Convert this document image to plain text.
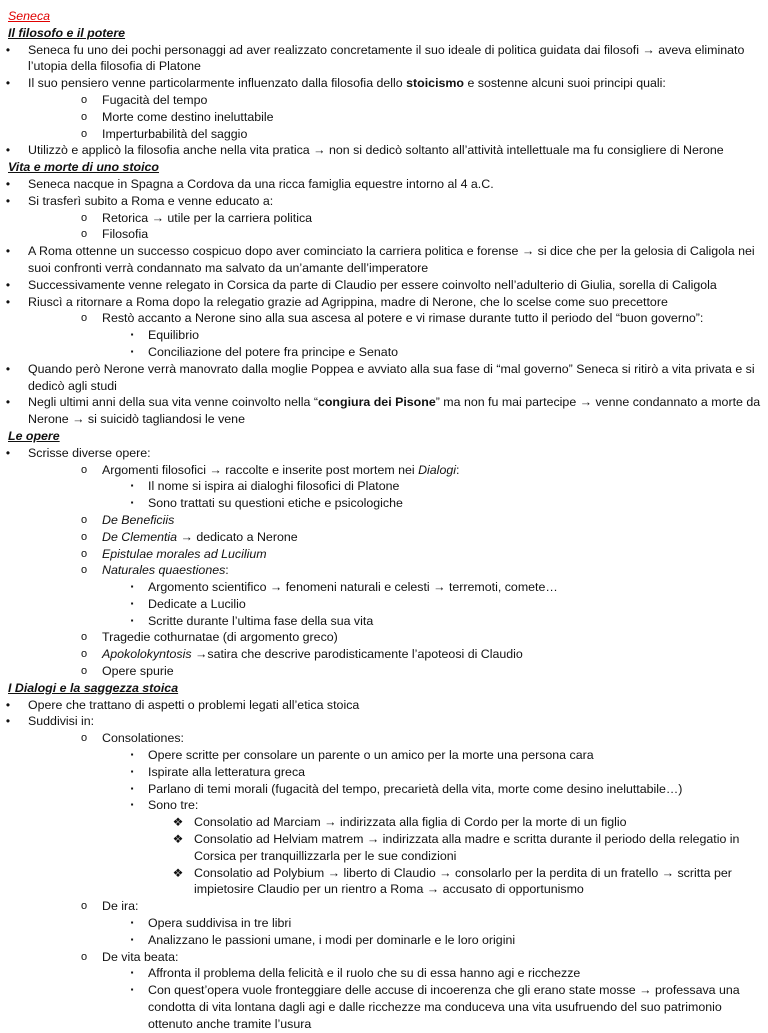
Seneca
Il filosofo e il potere
•	Seneca fu uno dei pochi personaggi ad aver realizzato concretamente il suo ideale di politica guidata dai filosofi → aveva eliminato l’utopia della filosofia di Platone
•	Il suo pensiero venne particolarmente influenzato dalla filosofia dello stoicismo e sostenne alcuni suoi principi quali:
o Fugacità del tempo
o Morte come destino ineluttabile
o Imperturbabilità del saggio
•	Utilizzò e applicò la filosofia anche nella vita pratica → non si dedicò soltanto all’attività intellettuale ma fu consigliere di Nerone
Vita e morte di uno stoico
•	Seneca nacque in Spagna a Cordova da una ricca famiglia equestre intorno al 4 a.C.
•	Si trasferì subito a Roma e venne educato a:
o Retorica → utile per la carriera politica
o Filosofia
•	A Roma ottenne un successo cospicuo dopo aver cominciato la carriera politica e forense → si dice che per la gelosia di Caligola nei suoi confronti verrà condannato ma salvato da un’amante dell’imperatore
•	Successivamente venne relegato in Corsica da parte di Claudio per essere coinvolto nell’adulterio di Giulia, sorella di Caligola
•	Riuscì a ritornare a Roma dopo la relegatio grazie ad Agrippina, madre di Nerone, che lo scelse come suo precettore
o Restò accanto a Nerone sino alla sua ascesa al potere e vi rimase durante tutto il periodo del “buon governo”:
▪	Equilibrio
▪	Conciliazione del potere fra principe e Senato
•	Quando però Nerone verrà manovrato dalla moglie Poppea e avviato alla sua fase di “mal governo” Seneca si ritirò a vita privata e si dedicò agli studi
•	Negli ultimi anni della sua vita venne coinvolto nella “congiura dei Pisone” ma non fu mai partecipe → venne condannato a morte da Nerone → si suicidò tagliandosi le vene
Le opere
•	Scrisse diverse opere:
o Argomenti filosofici → raccolte e inserite post mortem nei Dialogi:
▪	Il nome si ispira ai dialoghi filosofici di Platone
▪	Sono trattati su questioni etiche e psicologiche
o De Beneficiis
o De Clementia → dedicato a Nerone
o Epistulae morales ad Lucilium
o Naturales quaestiones:
▪	Argomento scientifico → fenomeni naturali e celesti → terremoti, comete…
▪	Dedicate a Lucilio
▪	Scritte durante l’ultima fase della sua vita
o Tragedie cothurnatae (di argomento greco)
o Apokolokyntosis →satira che descrive parodisticamente l’apoteosi di Claudio
o Opere spurie
I Dialogi e la saggezza stoica
•	Opere che trattano di aspetti o problemi legati all’etica stoica
•	Suddivisi in:
o Consolationes:
▪	Opere scritte per consolare un parente o un amico per la morte una persona cara
▪	Ispirate alla letteratura greca
▪	Parlano di temi morali (fugacità del tempo, precarietà della vita, morte come desino ineluttabile…)
▪	Sono tre:
❖ Consolatio ad Marciam → indirizzata alla figlia di Cordo per la morte di un figlio
❖ Consolatio ad Helviam matrem → indirizzata alla madre e scritta durante il periodo della relegatio in Corsica per tranquillizzarla per le sue condizioni
❖ Consolatio ad Polybium → liberto di Claudio → consolarlo per la perdita di un fratello → scritta per impietosire Claudio per un rientro a Roma → accusato di opportunismo
o De ira:
▪	Opera suddivisa in tre libri
▪	Analizzano le passioni umane, i modi per dominarle e le loro origini
o De vita beata:
▪	Affronta il problema della felicità e il ruolo che su di essa hanno agi e ricchezze
▪	Con quest’opera vuole fronteggiare delle accuse di incoerenza che gli erano state mosse → professava una condotta di vita lontana dagli agi e dalle ricchezze ma conduceva una vita usufruendo del suo patrimonio ottenuto anche tramite l’usura
